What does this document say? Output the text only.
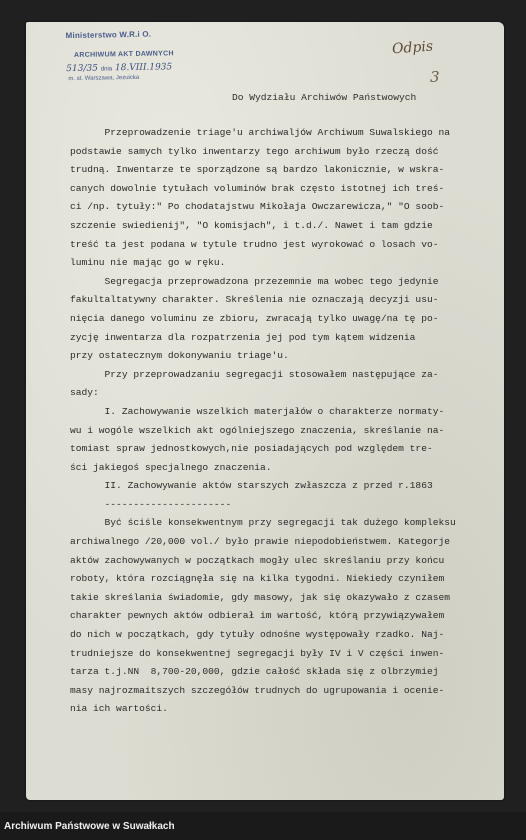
Ministerstwo W.R.i O.
ARCHIWUM AKT DAWNYCH
513/35 dnia 18.VIII.1935
m. st. Warszawa, Jezuicka
Odpis
3
Do Wydziału Archiwów Państwowych
Przeprowadzenie triage'u archiwaljów Archiwum Suwalskiego na
podstawie samych tylko inwentarzy tego archiwum było rzeczą dość
trudną. Inwentarze te sporządzone są bardzo lakonicznie, w wskra-
canych dowolnie tytułach voluminów brak często istotnej ich treś-
ci /np. tytuły:" Po chodatajstwu Mikołaja Owczarewicza," "O soob-
szczenie swiedienij", "O komisjach", i t.d./. Nawet i tam gdzie
treść ta jest podana w tytule trudno jest wyrokować o losach vo-
luminu nie mając go w ręku.
Segregacja przeprowadzona przezemnie ma wobec tego jedynie
fakultaltatywny charakter. Skreślenia nie oznaczają decyzji usu-
nięcia danego voluminu ze zbioru, zwracają tylko uwagę/na tę po-
zycję inwentarza dla rozpatrzenia jej pod tym kątem widzenia
przy ostatecznym dokonywaniu triage'u.
Przy przeprowadzaniu segregacji stosowałem następujące za-
sady:
I. Zachowywanie wszelkich materjałów o charakterze normaty-
wu i wogóle wszelkich akt ogólniejszego znaczenia, skreślanie na-
tomiast spraw jednostkowych,nie posiadających pod względem tre-
ści jakiegoś specjalnego znaczenia.
II. Zachowywanie aktów starszych zwłaszcza z przed r.1863
----------------------
Być ściśle konsekwentnym przy segregacji tak dużego kompleksu
archiwalnego /20,000 vol./ było prawie niepodobieństwem. Kategorje
aktów zachowywanych w początkach mogły ulec skreślaniu przy końcu
roboty, która rozciągnęła się na kilka tygodni. Niekiedy czyniłem
takie skreślania świadomie, gdy masowy, jak się okazywało z czasem
charakter pewnych aktów odbierał im wartość, którą przywiązywałem
do nich w początkach, gdy tytuły odnośne występowały rzadko. Naj-
trudniejsze do konsekwentnej segregacji były IV i V części inwen-
tarza t.j.NN  8,700-20,000, gdzie całość składa się z olbrzymiej
masy najrozmaitszych szczegółów trudnych do ugrupowania i ocenie-
nia ich wartości.
Archiwum Państwowe w Suwałkach
